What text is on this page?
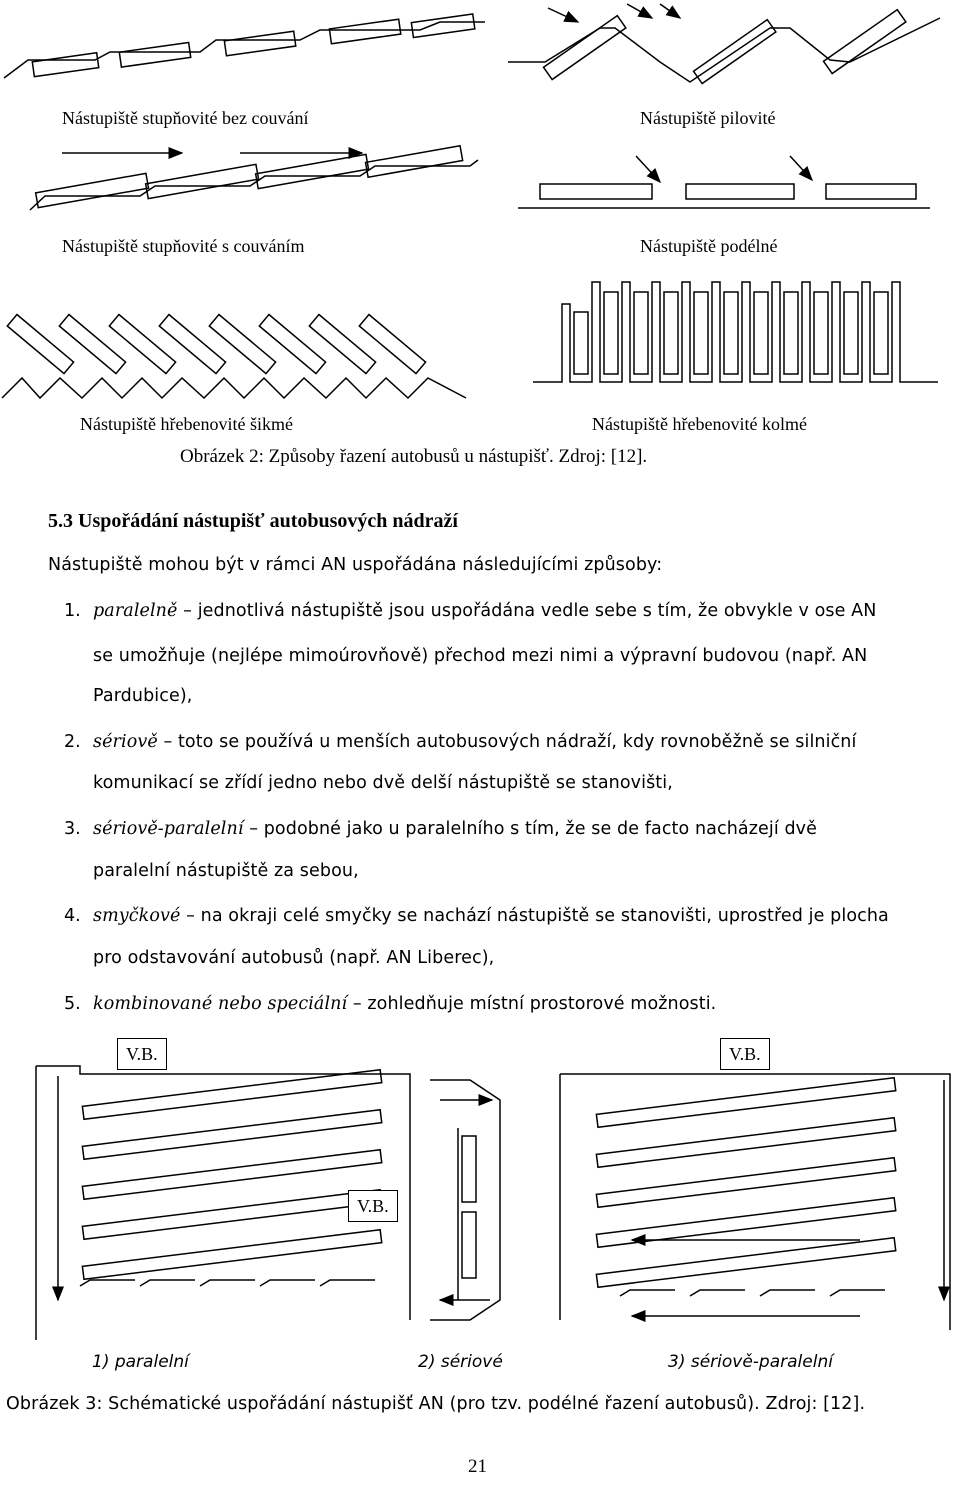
Nástupiště stupňovité bez couvání	Nástupiště pilovité
Nástupiště stupňovité s couváním	Nástupiště podélné
Nástupiště hřebenovité šikmé	Nástupiště hřebenovité kolmé
Obrázek 2: Způsoby řazení autobusů u nástupišť. Zdroj: [12].
5.3 Uspořádání nástupišť autobusových nádraží
Nástupiště mohou být v rámci AN uspořádána následujícími způsoby:
1. paralelně – jednotlivá nástupiště jsou uspořádána vedle sebe s tím, že obvykle v ose AN
se umožňuje (nejlépe mimoúrovňově) přechod mezi nimi a výpravní budovou (např. AN
Pardubice),
2. sériově – toto se používá u menších autobusových nádraží, kdy rovnoběžně se silniční
komunikací se zřídí jedno nebo dvě delší nástupiště se stanovišti,
3. sériově-paralelní – podobné jako u paralelního s tím, že se de facto nacházejí dvě
paralelní nástupiště za sebou,
4. smyčkové – na okraji celé smyčky se nachází nástupiště se stanovišti, uprostřed je plocha
pro odstavování autobusů (např. AN Liberec),
5. kombinované nebo speciální – zohledňuje místní prostorové možnosti.
V.B.	V.B.
V.B.
1) paralelní	2) sériové	3) sériově-paralelní
Obrázek 3: Schématické uspořádání nástupišť AN (pro tzv. podélné řazení autobusů). Zdroj: [12].
21
